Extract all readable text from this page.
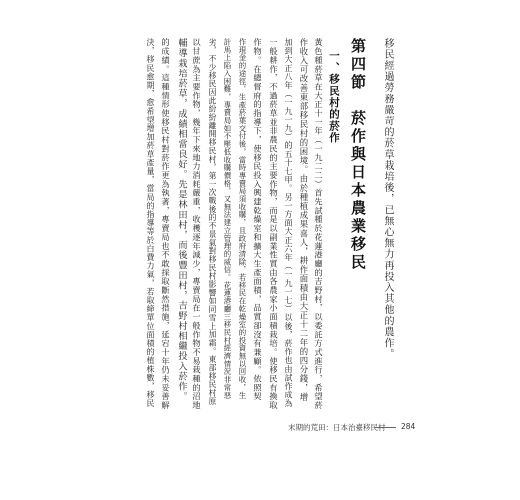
移民經過勞務嚴苛的菸草栽培後，已無心無力再投入其他的農作。
第四節　菸作與日本農業移民
一、移民村的菸作
黃色種菸草在大正十一年（一九二二）首先試種於花蓮港廳的吉野村，以委託方式進行，希望菸
作收入可改善東部移民村的困境。由於種植成果喜人，耕作面積由大正十二年的四分錢，增
加到大正八年（一九一九）的五十七甲。另一方面大正六年（一九一七）以後，菸作也由試作成為
一般耕作，不過菸草並非農民的主要作物，而是以副業性質由各農家小面積栽培。使移民有換取
作物。在總督府的指導下，使移民投入興建乾燥室和擴大生產面積，品質卻沒有兼顧。依照契
作現金的途徑，生產菸葉交付後，當時專賣局須收購，且政府清除，若移民在乾燥室的投資無以回收，生
計馬上陷入困難，專賣局如不壓低收購價格，又無法建立管理的威信。花蓮港廳三移民村經濟情況非常惡
劣，不少移民因此紛紛離開移民村，第一次戰後的不景氣對移民村影響如同雪上加霜。東部移民村原
以甘蔗為主要作物，幾年下來地力消耗嚴重，收穫逐年減少，專賣局在一般作物不易栽種的沼地
輔導栽培菸草，成績相當良好。先是林田村，而後豐田村，吉野村相繼投入菸作。
的成績。這種情形使移民村對菸作更為執著，專賣局也不敢採取斷然措施，延宕十年仍未妥善解
決，移民愈期，愈希望增加菸草產量，當局的指導等於白費力氣，若取締單位面積的植株數，移民
末期的荒田：日本治臺移民村 284
